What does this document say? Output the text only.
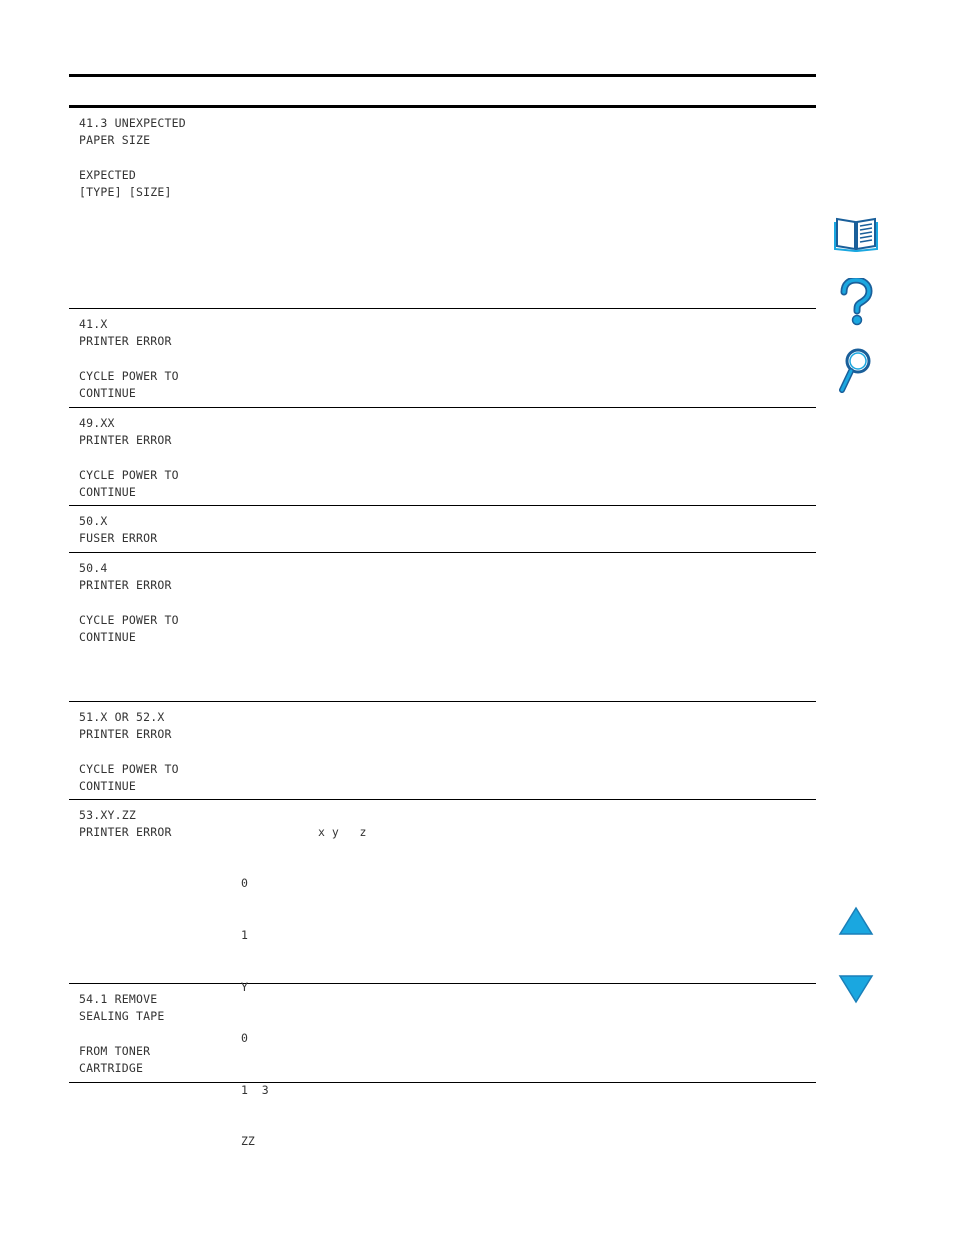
41.3 UNEXPECTED
PAPER SIZE

EXPECTED
[TYPE] [SIZE]
41.X
PRINTER ERROR

CYCLE POWER TO
CONTINUE
49.XX
PRINTER ERROR

CYCLE POWER TO
CONTINUE
50.X
FUSER ERROR
50.4
PRINTER ERROR

CYCLE POWER TO
CONTINUE
51.X OR 52.X
PRINTER ERROR

CYCLE POWER TO
CONTINUE
53.XY.ZZ
PRINTER ERROR	x y   z

0

1

Y

0

1  3

ZZ

54.1 REMOVE
SEALING TAPE

FROM TONER
CARTRIDGE
